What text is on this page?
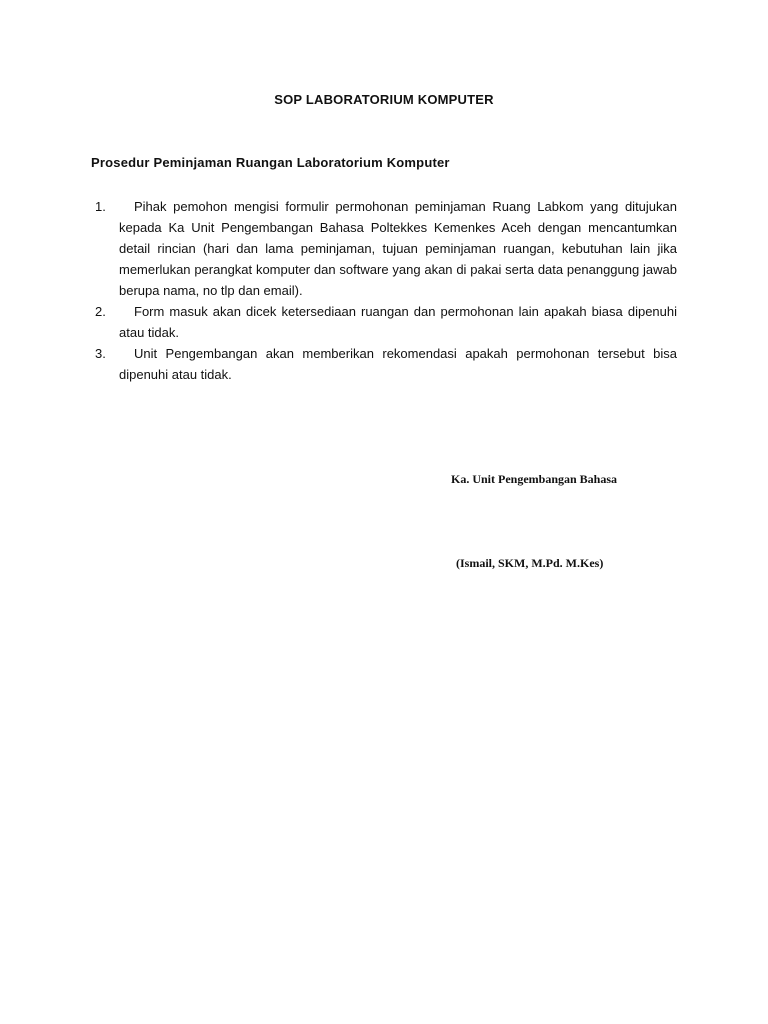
SOP LABORATORIUM KOMPUTER
Prosedur Peminjaman Ruangan Laboratorium Komputer
1.	Pihak pemohon mengisi formulir permohonan peminjaman Ruang Labkom yang ditujukan kepada Ka Unit Pengembangan Bahasa Poltekkes Kemenkes Aceh dengan mencantumkan detail rincian (hari dan lama peminjaman, tujuan peminjaman ruangan, kebutuhan lain jika memerlukan perangkat komputer dan software yang akan di pakai serta data penanggung jawab berupa nama, no tlp dan email).
2.	Form masuk akan dicek ketersediaan ruangan dan permohonan lain apakah biasa dipenuhi atau tidak.
3.	Unit Pengembangan akan memberikan rekomendasi apakah permohonan tersebut bisa dipenuhi atau tidak.
Ka. Unit Pengembangan Bahasa
(Ismail, SKM, M.Pd. M.Kes)
